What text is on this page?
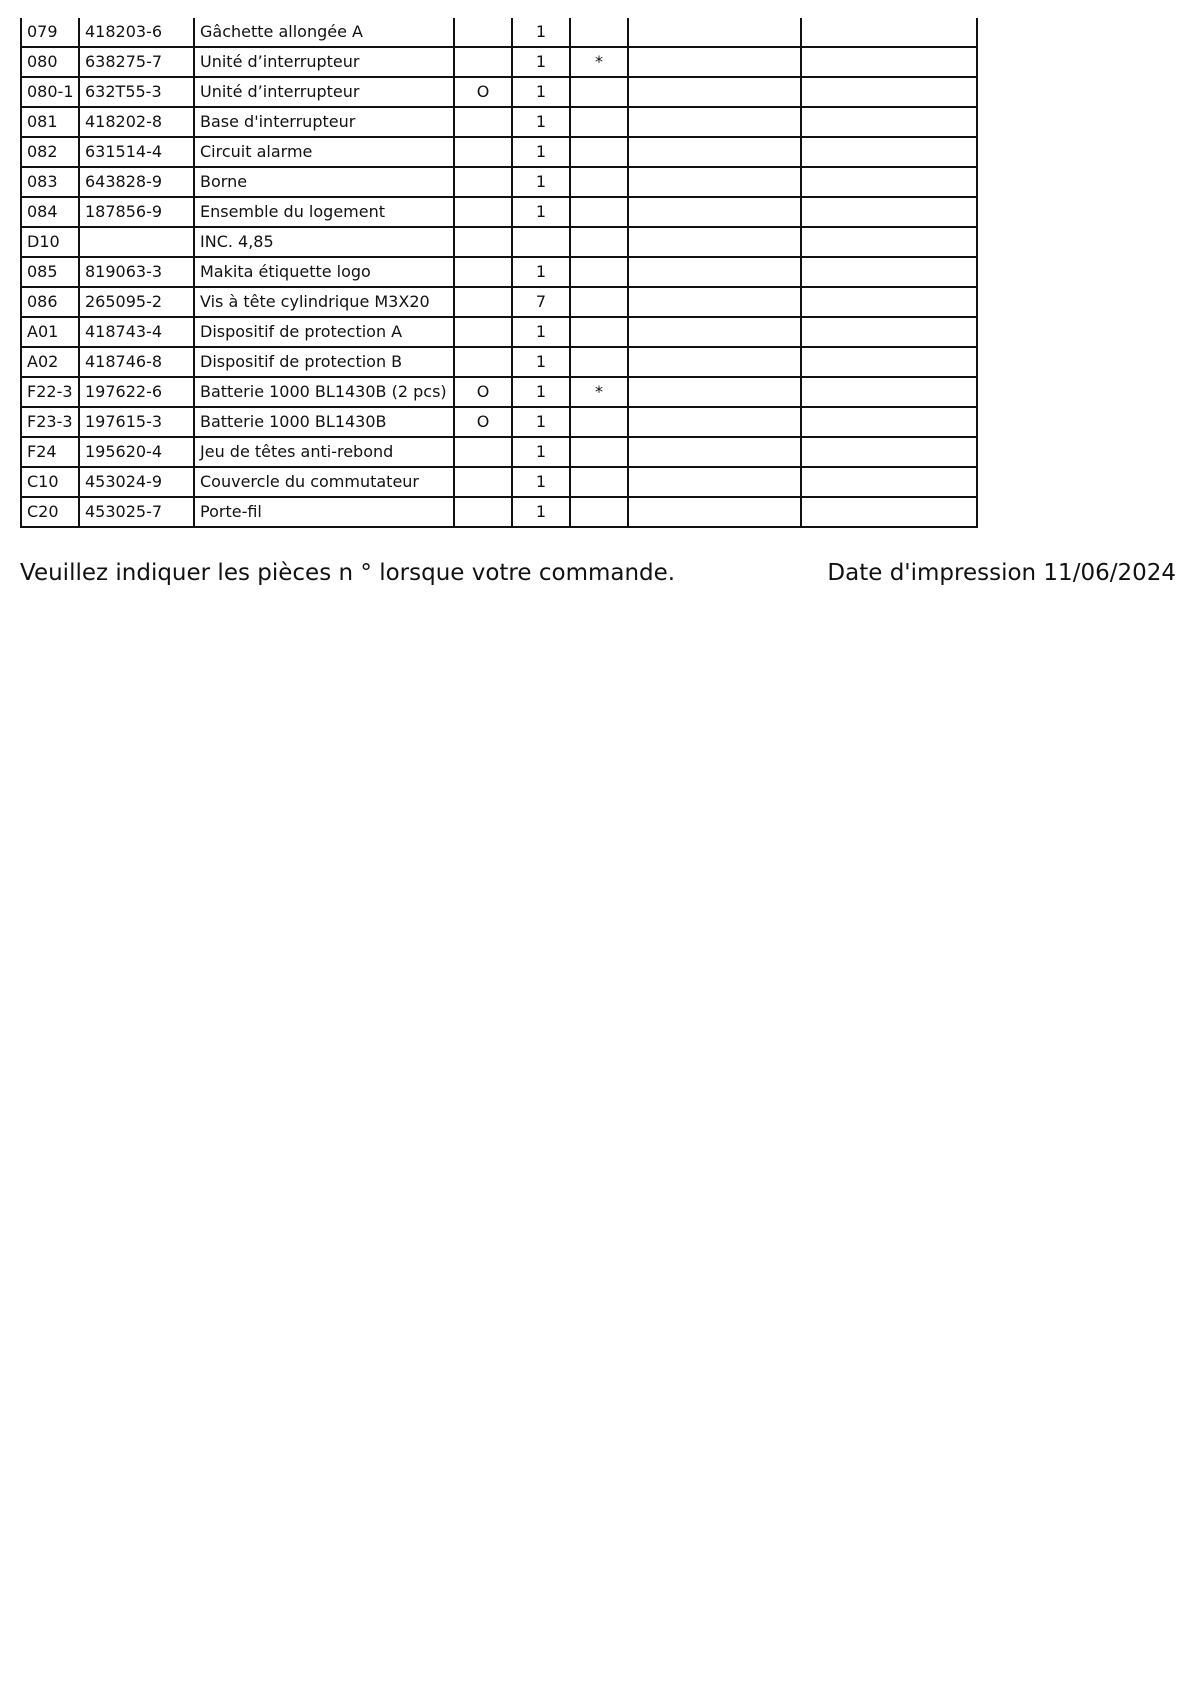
079	418203-6	Gâchette allongée A		1			
080	638275-7	Unité d’interrupteur		1	*		
080-1	632T55-3	Unité d’interrupteur	O	1			
081	418202-8	Base d'interrupteur		1			
082	631514-4	Circuit alarme		1			
083	643828-9	Borne		1			
084	187856-9	Ensemble du logement		1			
D10		INC. 4,85					
085	819063-3	Makita étiquette logo		1			
086	265095-2	Vis à tête cylindrique M3X20		7			
A01	418743-4	Dispositif de protection A		1			
A02	418746-8	Dispositif de protection B		1			
F22-3	197622-6	Batterie 1000 BL1430B (2 pcs)	O	1	*		
F23-3	197615-3	Batterie 1000 BL1430B	O	1			
F24	195620-4	Jeu de têtes anti-rebond		1			
C10	453024-9	Couvercle du commutateur		1			
C20	453025-7	Porte-fil		1			
Veuillez indiquer les pièces n ° lorsque votre commande.	Date d'impression 11/06/2024
